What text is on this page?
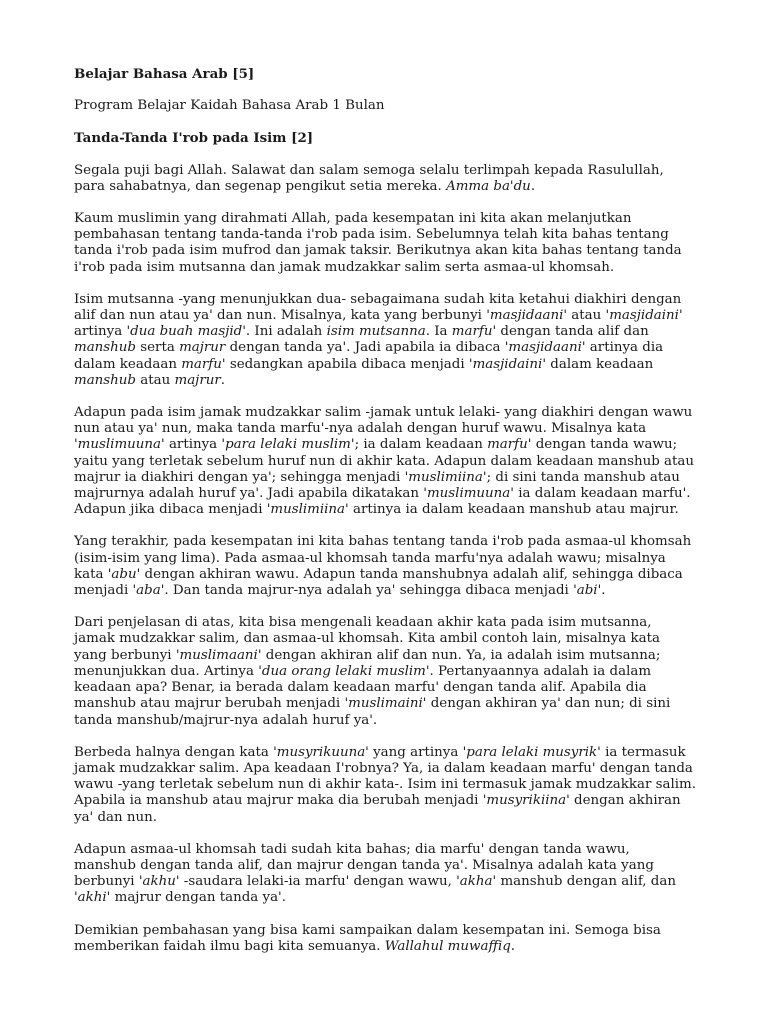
Belajar Bahasa Arab [5]

Program Belajar Kaidah Bahasa Arab 1 Bulan

Tanda-Tanda I'rob pada Isim [2]

Segala puji bagi Allah. Salawat dan salam semoga selalu terlimpah kepada Rasulullah, para sahabatnya, dan segenap pengikut setia mereka. Amma ba'du.

Kaum muslimin yang dirahmati Allah, pada kesempatan ini kita akan melanjutkan pembahasan tentang tanda-tanda i'rob pada isim. Sebelumnya telah kita bahas tentang tanda i'rob pada isim mufrod dan jamak taksir. Berikutnya akan kita bahas tentang tanda i'rob pada isim mutsanna dan jamak mudzakkar salim serta asmaa-ul khomsah.

Isim mutsanna -yang menunjukkan dua- sebagaimana sudah kita ketahui diakhiri dengan alif dan nun atau ya' dan nun. Misalnya, kata yang berbunyi 'masjidaani' atau 'masjidaini' artinya 'dua buah masjid'. Ini adalah isim mutsanna. Ia marfu' dengan tanda alif dan manshub serta majrur dengan tanda ya'. Jadi apabila ia dibaca 'masjidaani' artinya dia dalam keadaan marfu' sedangkan apabila dibaca menjadi 'masjidaini' dalam keadaan manshub atau majrur.

Adapun pada isim jamak mudzakkar salim -jamak untuk lelaki- yang diakhiri dengan wawu nun atau ya' nun, maka tanda marfu'-nya adalah dengan huruf wawu. Misalnya kata 'muslimuuna' artinya 'para lelaki muslim'; ia dalam keadaan marfu' dengan tanda wawu; yaitu yang terletak sebelum huruf nun di akhir kata. Adapun dalam keadaan manshub atau majrur ia diakhiri dengan ya'; sehingga menjadi 'muslimiina'; di sini tanda manshub atau majrurnya adalah huruf ya'. Jadi apabila dikatakan 'muslimuuna' ia dalam keadaan marfu'. Adapun jika dibaca menjadi 'muslimiina' artinya ia dalam keadaan manshub atau majrur.

Yang terakhir, pada kesempatan ini kita bahas tentang tanda i'rob pada asmaa-ul khomsah (isim-isim yang lima). Pada asmaa-ul khomsah tanda marfu'nya adalah wawu; misalnya kata 'abu' dengan akhiran wawu. Adapun tanda manshubnya adalah alif, sehingga dibaca menjadi 'aba'. Dan tanda majrur-nya adalah ya' sehingga dibaca menjadi 'abi'.

Dari penjelasan di atas, kita bisa mengenali keadaan akhir kata pada isim mutsanna, jamak mudzakkar salim, dan asmaa-ul khomsah. Kita ambil contoh lain, misalnya kata yang berbunyi 'muslimaani' dengan akhiran alif dan nun. Ya, ia adalah isim mutsanna; menunjukkan dua. Artinya 'dua orang lelaki muslim'. Pertanyaannya adalah ia dalam keadaan apa? Benar, ia berada dalam keadaan marfu' dengan tanda alif. Apabila dia manshub atau majrur berubah menjadi 'muslimaini' dengan akhiran ya' dan nun; di sini tanda manshub/majrur-nya adalah huruf ya'.

Berbeda halnya dengan kata 'musyrikuuna' yang artinya 'para lelaki musyrik' ia termasuk jamak mudzakkar salim. Apa keadaan I'robnya? Ya, ia dalam keadaan marfu' dengan tanda wawu -yang terletak sebelum nun di akhir kata-. Isim ini termasuk jamak mudzakkar salim. Apabila ia manshub atau majrur maka dia berubah menjadi 'musyrikiina' dengan akhiran ya' dan nun.

Adapun asmaa-ul khomsah tadi sudah kita bahas; dia marfu' dengan tanda wawu, manshub dengan tanda alif, dan majrur dengan tanda ya'. Misalnya adalah kata yang berbunyi 'akhu' -saudara lelaki-ia marfu' dengan wawu, 'akha' manshub dengan alif, dan 'akhi' majrur dengan tanda ya'.

Demikian pembahasan yang bisa kami sampaikan dalam kesempatan ini. Semoga bisa memberikan faidah ilmu bagi kita semuanya. Wallahul muwaffiq.
